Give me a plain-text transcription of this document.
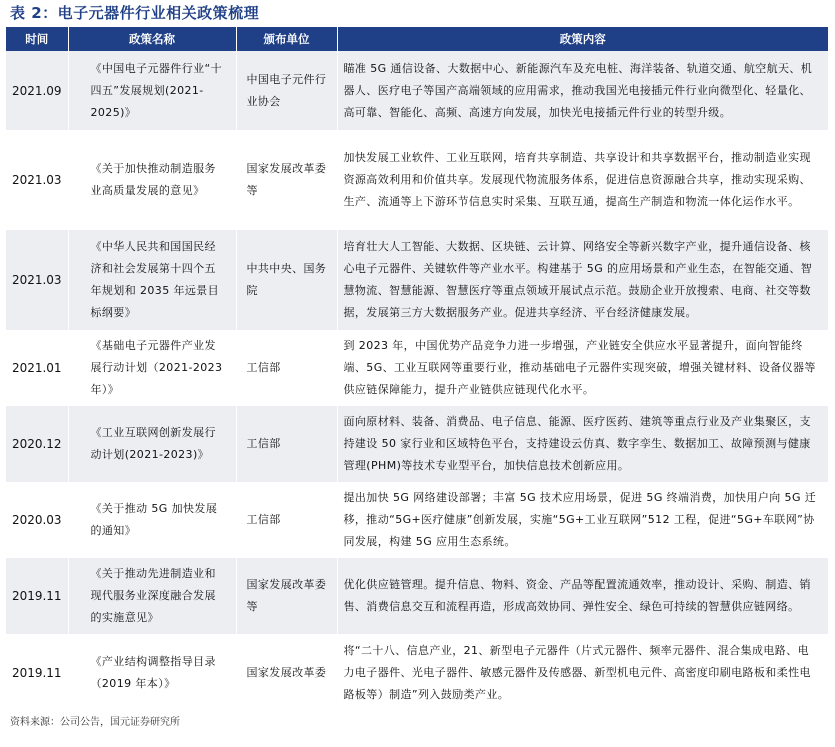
表 2：电子元器件行业相关政策梳理
时间	政策名称	颁布单位	政策内容
2021.09	《中国电子元器件行业“十四五”发展规划(2021-2025)》	中国电子元件行业协会	瞄准 5G 通信设备、大数据中心、新能源汽车及充电桩、海洋装备、轨道交通、航空航天、机器人、医疗电子等国产高端领域的应用需求，推动我国光电接插元件行业向微型化、轻量化、高可靠、智能化、高频、高速方向发展，加快光电接插元件行业的转型升级。
2021.03	《关于加快推动制造服务业高质量发展的意见》	国家发展改革委等	加快发展工业软件、工业互联网，培育共享制造、共享设计和共享数据平台，推动制造业实现资源高效利用和价值共享。发展现代物流服务体系，促进信息资源融合共享，推动实现采购、生产、流通等上下游环节信息实时采集、互联互通，提高生产制造和物流一体化运作水平。
2021.03	《中华人民共和国国民经济和社会发展第十四个五年规划和 2035 年远景目标纲要》	中共中央、国务院	培育壮大人工智能、大数据、区块链、云计算、网络安全等新兴数字产业，提升通信设备、核心电子元器件、关键软件等产业水平。构建基于 5G 的应用场景和产业生态，在智能交通、智慧物流、智慧能源、智慧医疗等重点领域开展试点示范。鼓励企业开放搜索、电商、社交等数据，发展第三方大数据服务产业。促进共享经济、平台经济健康发展。
2021.01	《基础电子元器件产业发展行动计划（2021-2023 年）》	工信部	到 2023 年，中国优势产品竞争力进一步增强，产业链安全供应水平显著提升，面向智能终端、5G、工业互联网等重要行业，推动基础电子元器件实现突破，增强关键材料、设备仪器等供应链保障能力，提升产业链供应链现代化水平。
2020.12	《工业互联网创新发展行动计划(2021-2023)》	工信部	面向原材料、装备、消费品、电子信息、能源、医疗医药、建筑等重点行业及产业集聚区，支持建设 50 家行业和区域特色平台，支持建设云仿真、数字孪生、数据加工、故障预测与健康管理(PHM)等技术专业型平台，加快信息技术创新应用。
2020.03	《关于推动 5G 加快发展的通知》	工信部	提出加快 5G 网络建设部署；丰富 5G 技术应用场景，促进 5G 终端消费，加快用户向 5G 迁移，推动“5G+医疗健康”创新发展，实施“5G+工业互联网”512 工程，促进“5G+车联网”协同发展，构建 5G 应用生态系统。
2019.11	《关于推动先进制造业和现代服务业深度融合发展的实施意见》	国家发展改革委等	优化供应链管理。提升信息、物料、资金、产品等配置流通效率，推动设计、采购、制造、销售、消费信息交互和流程再造，形成高效协同、弹性安全、绿色可持续的智慧供应链网络。
2019.11	《产业结构调整指导目录（2019 年本）》	国家发展改革委	将“二十八、信息产业，21、新型电子元器件（片式元器件、频率元器件、混合集成电路、电力电子器件、光电子器件、敏感元器件及传感器、新型机电元件、高密度印刷电路板和柔性电路板等）制造”列入鼓励类产业。
资料来源：公司公告，国元证券研究所
